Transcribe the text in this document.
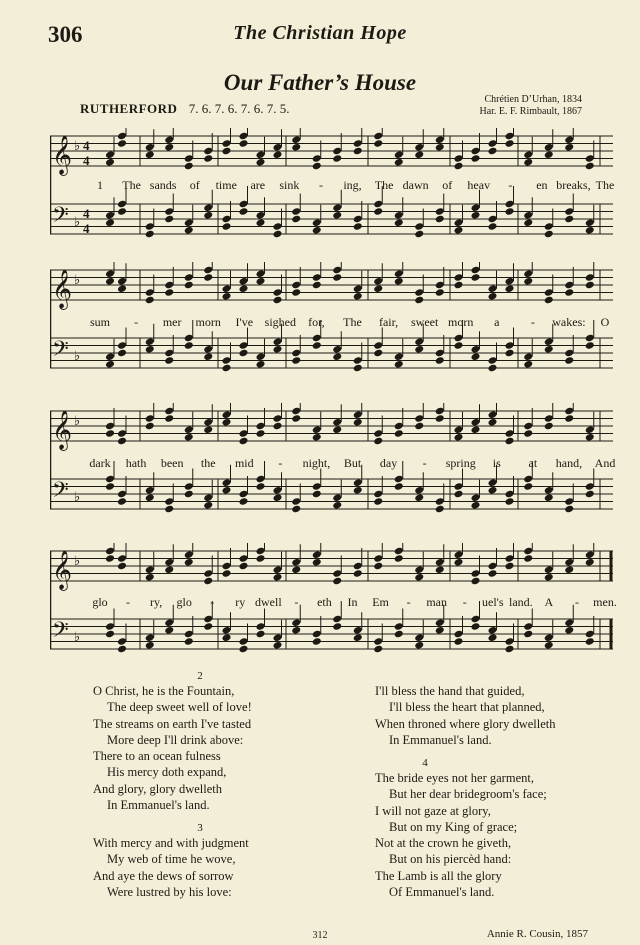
306	The Christian Hope
Our Father’s House
RUTHERFORD 7. 6. 7. 6. 7. 6. 7. 5.
Chrétien D’Urhan, 1834
Har. E. F. Rimbault, 1867
𝄞 ♭ 4
4
𝄢 ♭
4
4
1 The sands of time are sink - ing, The dawn of heav - en breaks, The
𝄞 ♭
𝄢 ♭
sum - mer morn I've sighed for, The fair, sweet morn a	- wakes: O
𝄞 ♭
𝄢 ♭
dark hath been the mid - night, But day - spring is at hand, And
𝄞 ♭
𝄢 ♭
glo - ry, glo - ry dwell - eth In Em - man - uel's land. A - men.
2
O Christ, he is the Fountain,
The deep sweet well of love!
The streams on earth I've tasted
More deep I'll drink above:
There to an ocean fulness
His mercy doth expand,
And glory, glory dwelleth
In Emmanuel's land.
3
With mercy and with judgment
My web of time he wove,
And aye the dews of sorrow
Were lustred by his love:
I'll bless the hand that guided,
I'll bless the heart that planned,
When throned where glory dwelleth
In Emmanuel's land.
4
The bride eyes not her garment,
But her dear bridegroom's face;
I will not gaze at glory,
But on my King of grace;
Not at the crown he giveth,
But on his piercèd hand:
The Lamb is all the glory
Of Emmanuel's land.
312	Annie R. Cousin, 1857
